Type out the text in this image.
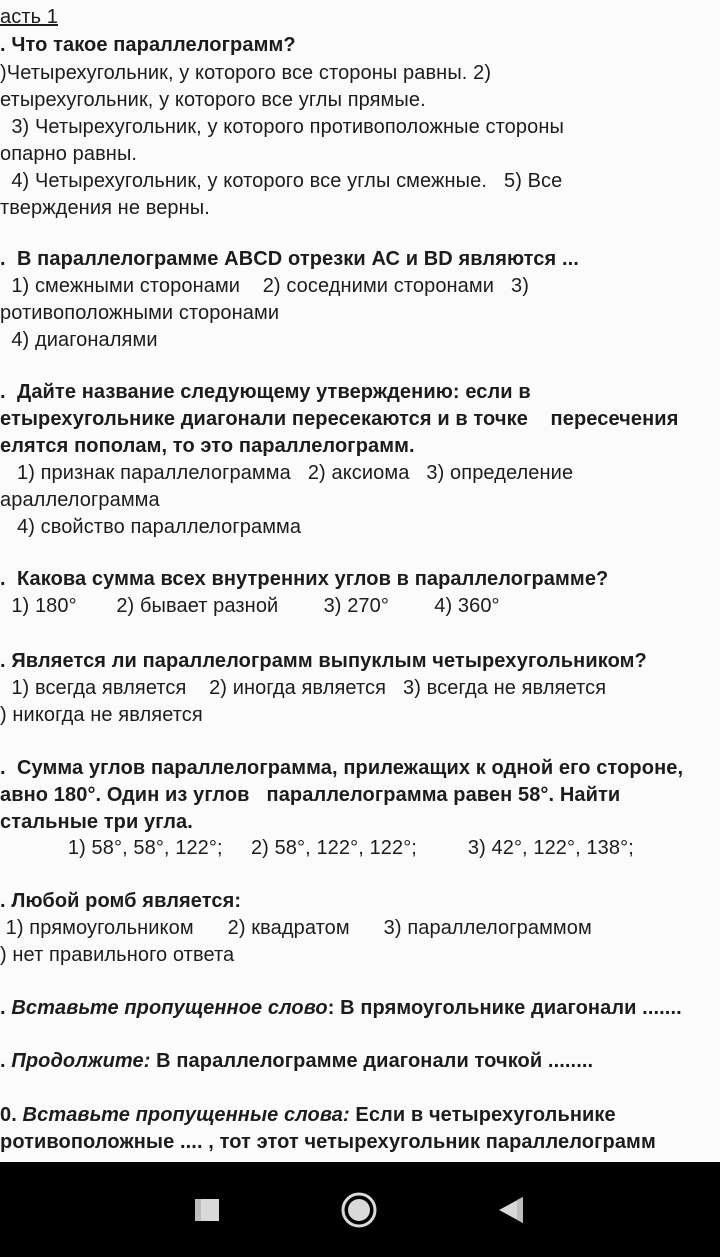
асть 1
. Что такое параллелограмм?
)Четырехугольник, у которого все стороны равны. 2)
етырехугольник, у которого все углы прямые.
3) Четырехугольник, у которого противоположные стороны
опарно равны.
4) Четырехугольник, у которого все углы смежные.   5) Все
тверждения не верны.
.  В параллелограмме ABCD отрезки АС и BD являются ...
1) смежными сторонами    2) соседними сторонами   3)
ротивоположными сторонами
4) диагоналями
.  Дайте название следующему утверждению: если в
етырехугольнике диагонали пересекаются и в точке    пересечения
елятся пополам, то это параллелограмм.
1) признак параллелограмма   2) аксиома   3) определение
араллелограмма
4) свойство параллелограмма
.  Какова сумма всех внутренних углов в параллелограмме?
1) 180°       2) бывает разной        3) 270°        4) 360°
. Является ли параллелограмм выпуклым четырехугольником?
1) всегда является    2) иногда является   3) всегда не является
) никогда не является
.  Сумма углов параллелограмма, прилежащих к одной его стороне,
авно 180°. Один из углов   параллелограмма равен 58°. Найти
стальные три угла.
1) 58°, 58°, 122°;     2) 58°, 122°, 122°;         3) 42°, 122°, 138°;
. Любой ромб является:
1) прямоугольником      2) квадратом      3) параллелограммом
) нет правильного ответа
. Вставьте пропущенное слово: В прямоугольнике диагонали .......
. Продолжите: В параллелограмме диагонали точкой ........
0. Вставьте пропущенные слова: Если в четырехугольнике
ротивоположные .... , тот этот четырехугольник параллелограмм
